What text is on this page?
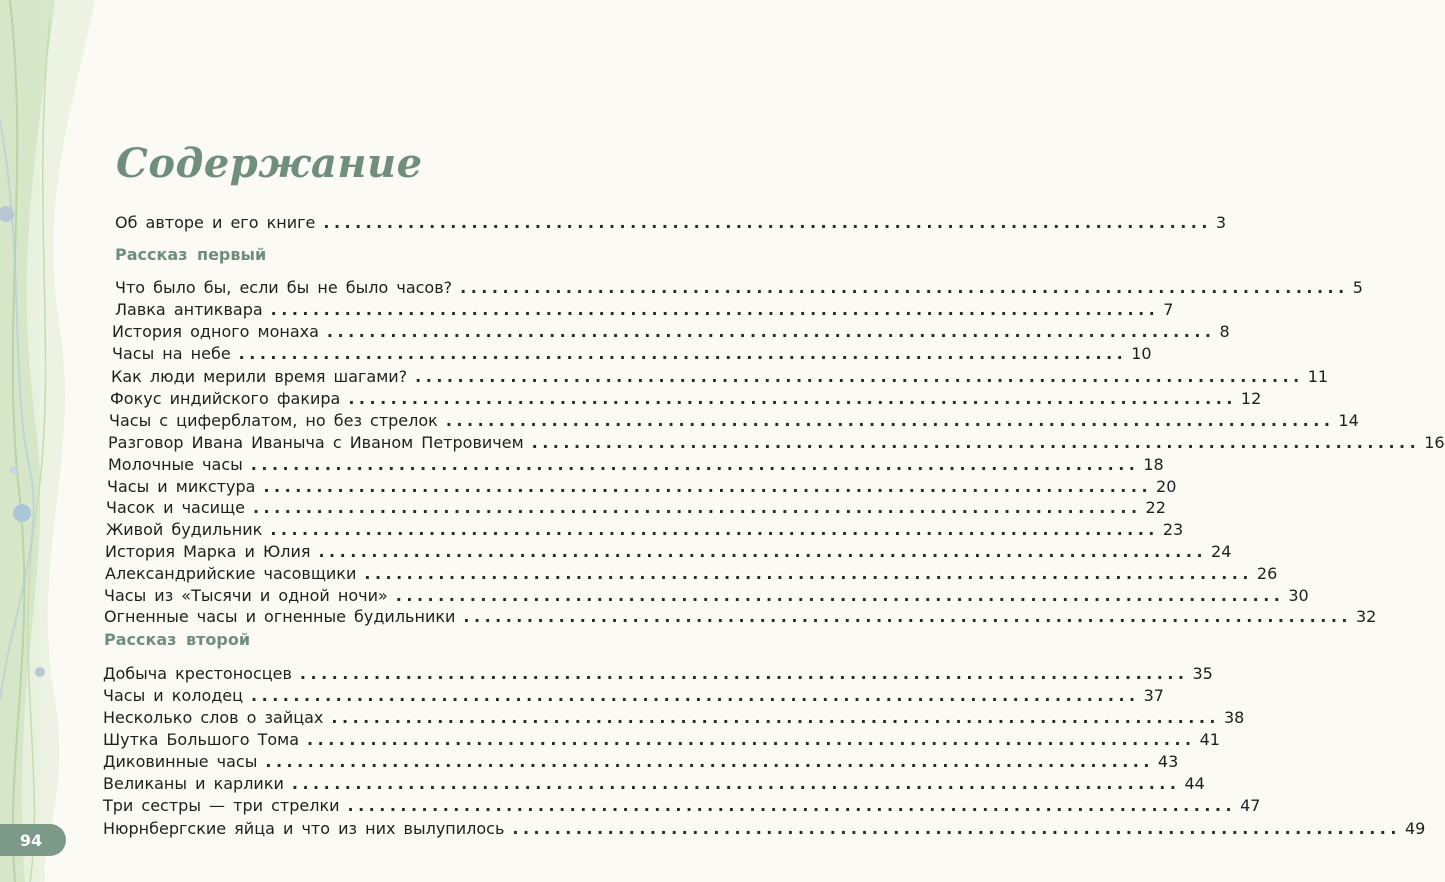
Содержание
Об авторе и его книге .................................................................................... 3
Рассказ первый
Что было бы, если бы не было часов? .................................................................................... 5
Лавка антиквара .................................................................................... 7
История одного монаха .................................................................................... 8
Часы на небе .................................................................................... 10
Как люди мерили время шагами? .................................................................................... 11
Фокус индийского факира .................................................................................... 12
Часы с циферблатом, но без стрелок .................................................................................... 14
Разговор Ивана Иваныча с Иваном Петровичем .................................................................................... 16
Молочные часы .................................................................................... 18
Часы и микстура .................................................................................... 20
Часок и часище .................................................................................... 22
Живой будильник .................................................................................... 23
История Марка и Юлия .................................................................................... 24
Александрийские часовщики .................................................................................... 26
Часы из «Тысячи и одной ночи» .................................................................................... 30
Огненные часы и огненные будильники .................................................................................... 32
Рассказ второй
Добыча крестоносцев .................................................................................... 35
Часы и колодец .................................................................................... 37
Несколько слов о зайцах .................................................................................... 38
Шутка Большого Тома .................................................................................... 41
Диковинные часы .................................................................................... 43
Великаны и карлики .................................................................................... 44
Три сестры — три стрелки .................................................................................... 47
Нюрнбергские яйца и что из них вылупилось .................................................................................... 49
94
